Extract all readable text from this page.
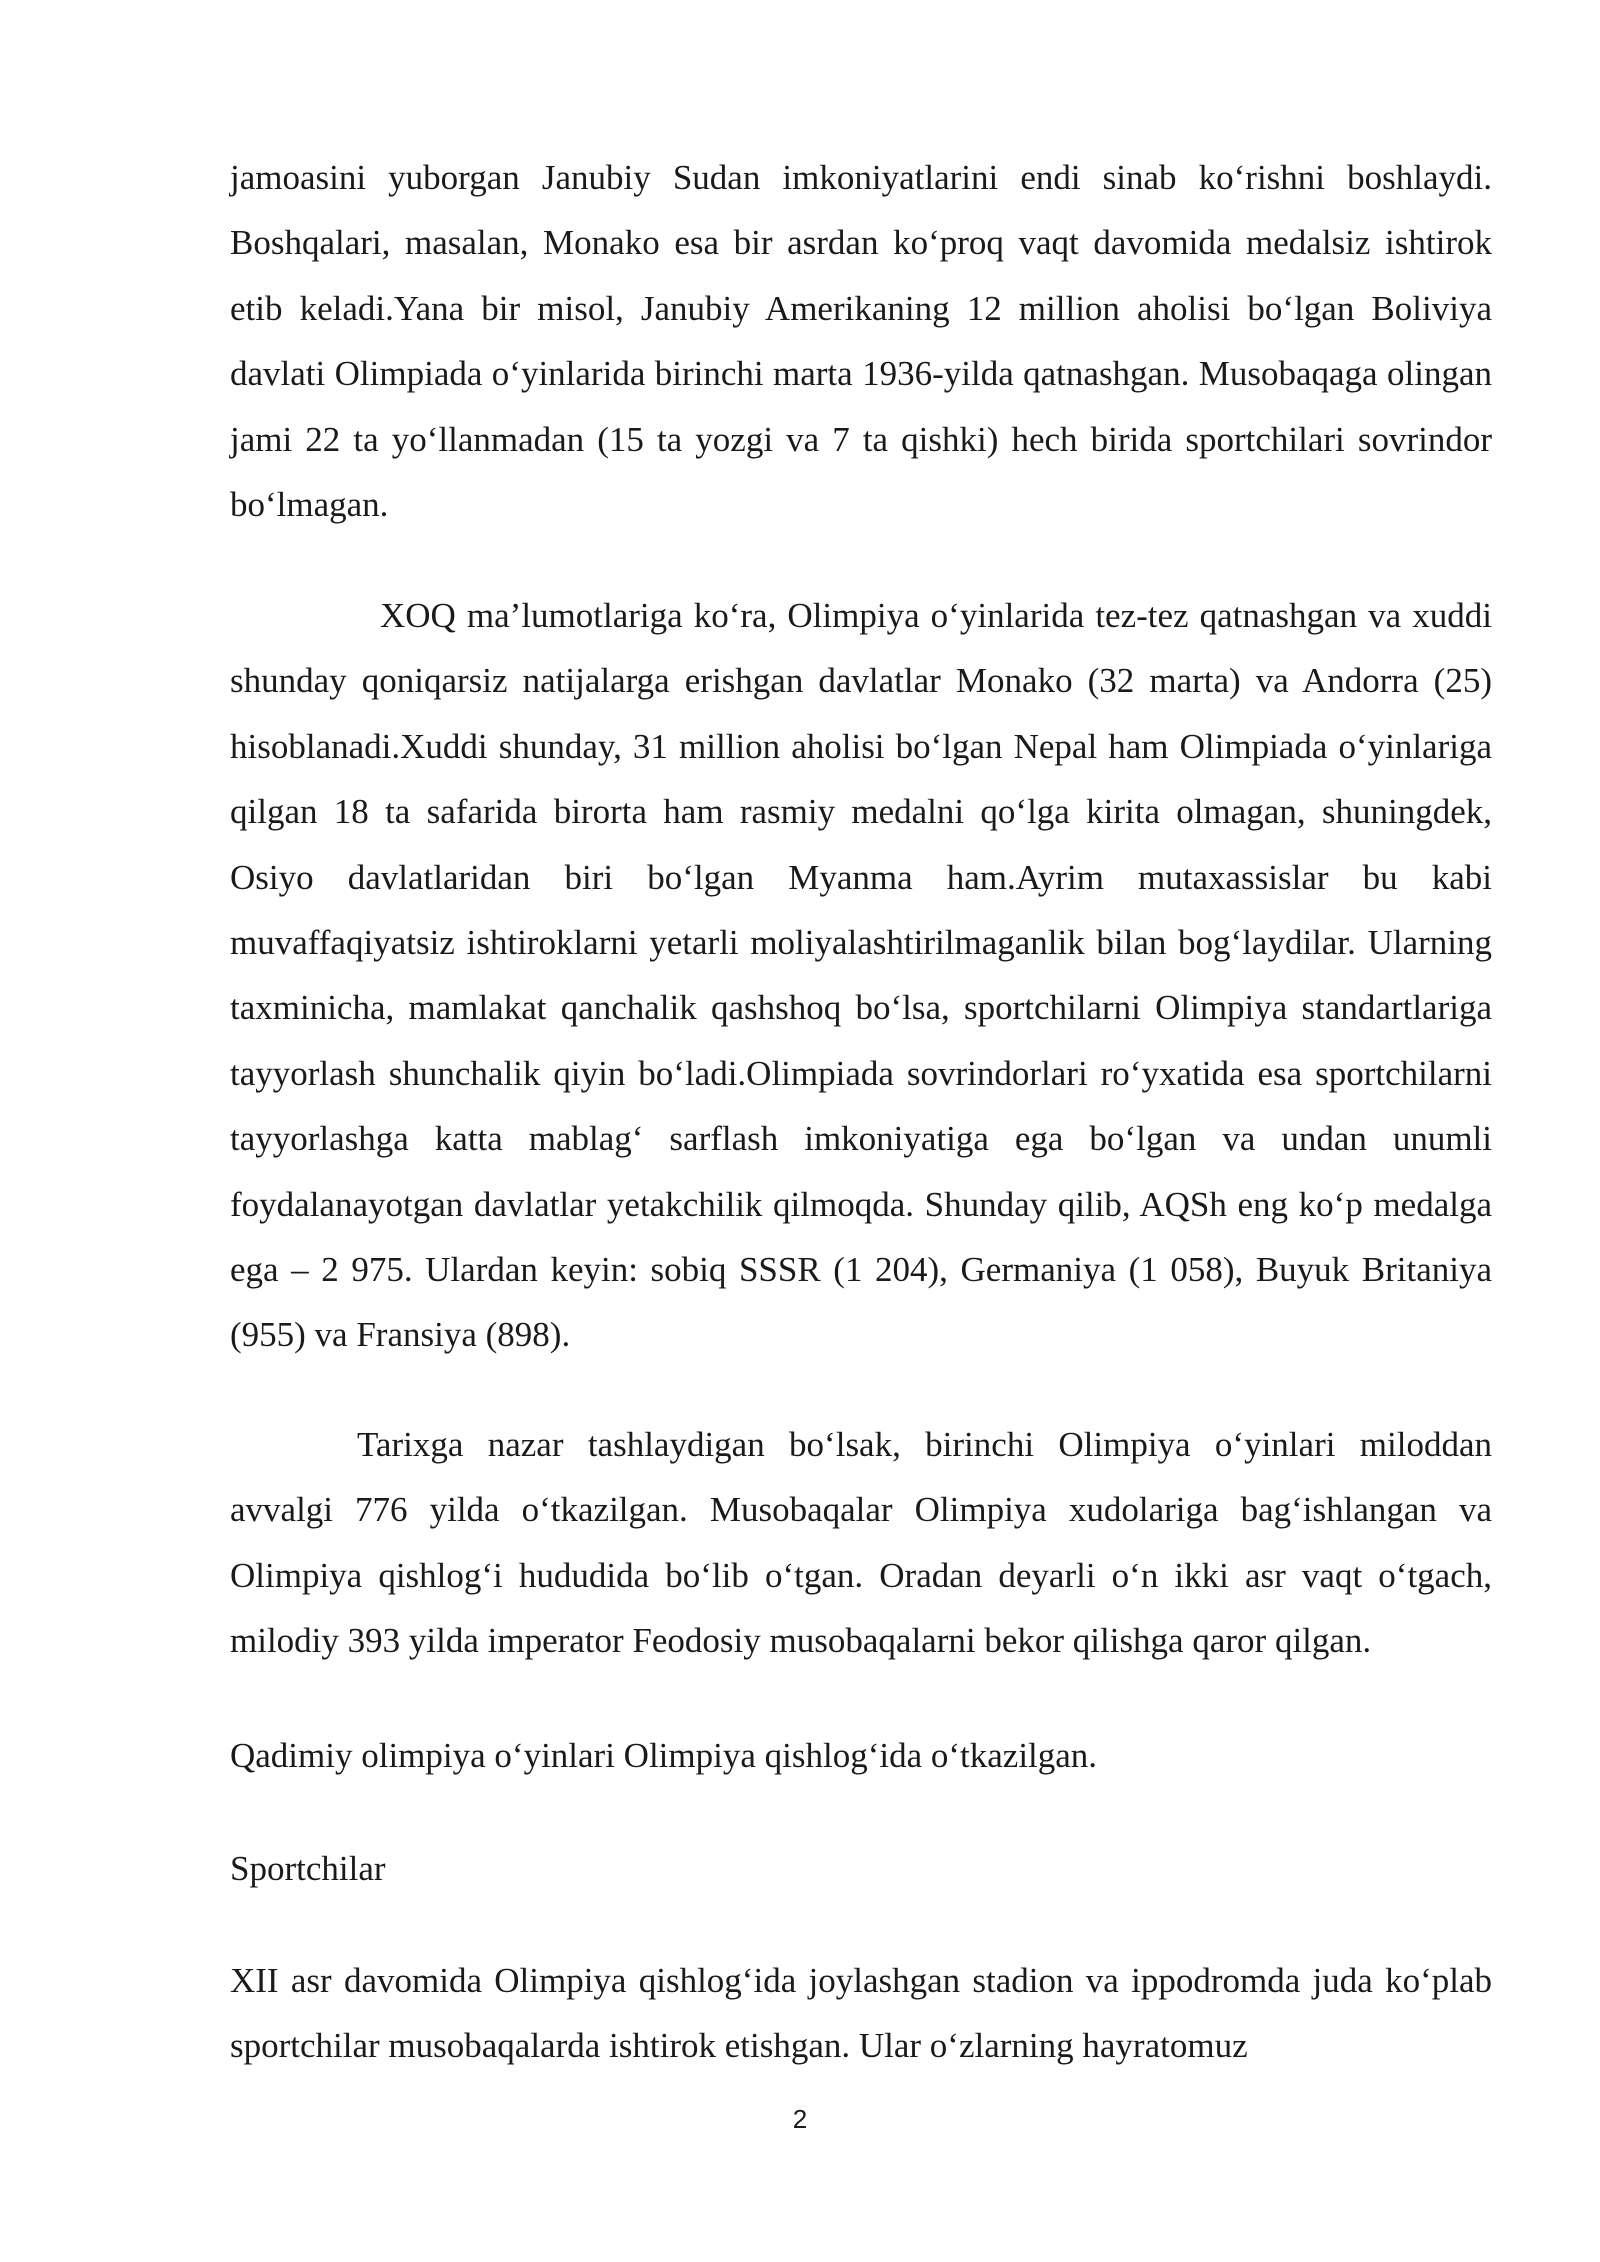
jamoasini yuborgan Janubiy Sudan imkoniyatlarini endi sinab ko‘rishni boshlaydi. Boshqalari, masalan, Monako esa bir asrdan ko‘proq vaqt davomida medalsiz ishtirok etib keladi.Yana bir misol, Janubiy Amerikaning 12 million aholisi bo‘lgan Boliviya davlati Olimpiada o‘yinlarida birinchi marta 1936-yilda qatnashgan. Musobaqaga olingan jami 22 ta yo‘llanmadan (15 ta yozgi va 7 ta qishki) hech birida sportchilari sovrindor bo‘lmagan.

XOQ ma’lumotlariga ko‘ra, Olimpiya o‘yinlarida tez-tez qatnashgan va xuddi shunday qoniqarsiz natijalarga erishgan davlatlar Monako (32 marta) va Andorra (25) hisoblanadi.Xuddi shunday, 31 million aholisi bo‘lgan Nepal ham Olimpiada o‘yinlariga qilgan 18 ta safarida birorta ham rasmiy medalni qo‘lga kirita olmagan, shuningdek, Osiyo davlatlaridan biri bo‘lgan Myanma ham.Ayrim mutaxassislar bu kabi muvaffaqiyatsiz ishtiroklarni yetarli moliyalashtirilmaganlik bilan bog‘laydilar. Ularning taxminicha, mamlakat qanchalik qashshoq bo‘lsa, sportchilarni Olimpiya standartlariga tayyorlash shunchalik qiyin bo‘ladi.Olimpiada sovrindorlari ro‘yxatida esa sportchilarni tayyorlashga katta mablag‘ sarflash imkoniyatiga ega bo‘lgan va undan unumli foydalanayotgan davlatlar yetakchilik qilmoqda. Shunday qilib, AQSh eng ko‘p medalga ega – 2 975. Ulardan keyin: sobiq SSSR (1 204), Germaniya (1 058), Buyuk Britaniya (955) va Fransiya (898).

Tarixga nazar tashlaydigan bo‘lsak, birinchi Olimpiya o‘yinlari miloddan avvalgi 776 yilda o‘tkazilgan. Musobaqalar Olimpiya xudolariga bag‘ishlangan va Olimpiya qishlog‘i hududida bo‘lib o‘tgan. Oradan deyarli o‘n ikki asr vaqt o‘tgach, milodiy 393 yilda imperator Feodosiy musobaqalarni bekor qilishga qaror qilgan.

Qadimiy olimpiya o‘yinlari Olimpiya qishlog‘ida o‘tkazilgan.

Sportchilar

XII asr davomida Olimpiya qishlog‘ida joylashgan stadion va ippodromda juda ko‘plab sportchilar musobaqalarda ishtirok etishgan. Ular o‘zlarning hayratomuz

2
